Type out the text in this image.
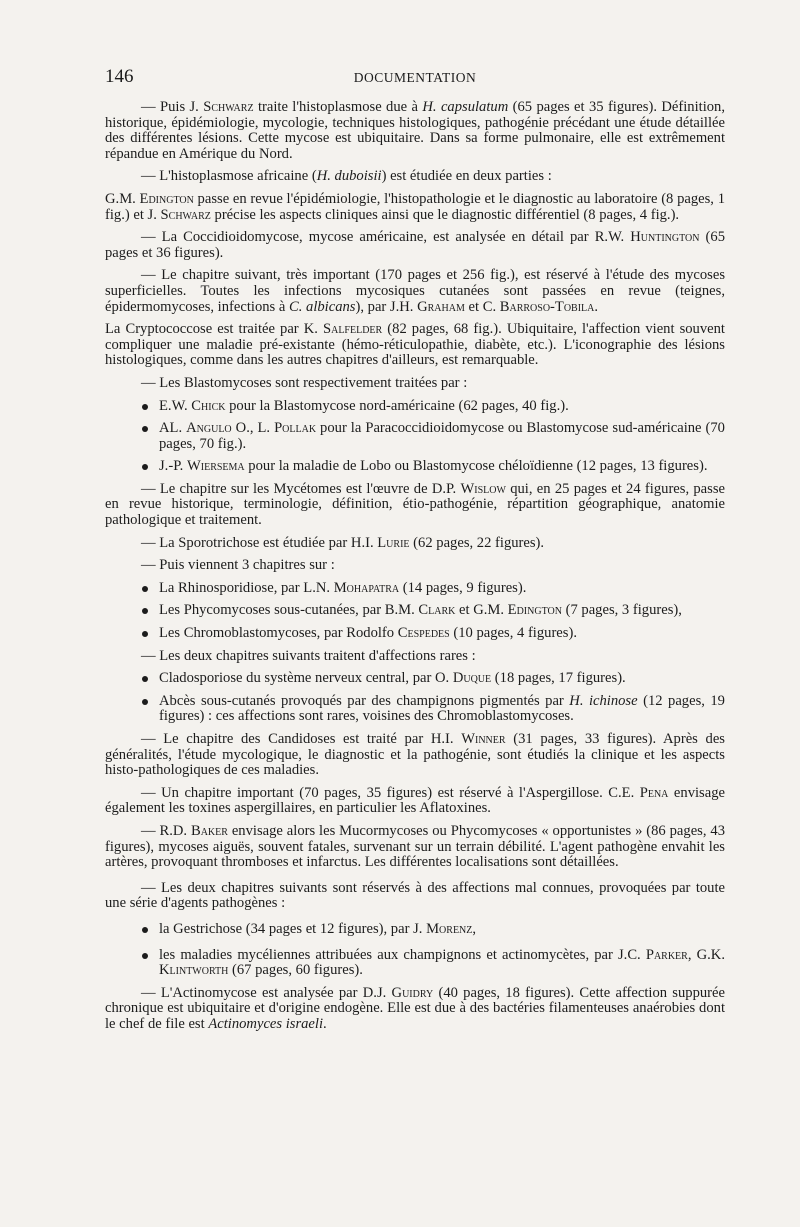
146	DOCUMENTATION

— Puis J. Schwarz traite l'histoplasmose due à H. capsulatum (65 pages et 35 figures). Définition, historique, épidémiologie, mycologie, techniques histologiques, pathogénie précédant une étude détaillée des différentes lésions. Cette mycose est ubiquitaire. Dans sa forme pulmonaire, elle est extrêmement répandue en Amérique du Nord.

— L'histoplasmose africaine (H. duboisii) est étudiée en deux parties :

G.M. Edington passe en revue l'épidémiologie, l'histopathologie et le diagnostic au laboratoire (8 pages, 1 fig.) et J. Schwarz précise les aspects cliniques ainsi que le diagnostic différentiel (8 pages, 4 fig.).

— La Coccidioidomycose, mycose américaine, est analysée en détail par R.W. Huntington (65 pages et 36 figures).

— Le chapitre suivant, très important (170 pages et 256 fig.), est réservé à l'étude des mycoses superficielles. Toutes les infections mycosiques cutanées sont passées en revue (teignes, épidermomycoses, infections à C. albicans), par J.H. Graham et C. Barroso-Tobila.

La Cryptococcose est traitée par K. Salfelder (82 pages, 68 fig.). Ubiquitaire, l'affection vient souvent compliquer une maladie pré-existante (hémo-réticulopathie, diabète, etc.). L'iconographie des lésions histologiques, comme dans les autres chapitres d'ailleurs, est remarquable.

— Les Blastomycoses sont respectivement traitées par :

E.W. Chick pour la Blastomycose nord-américaine (62 pages, 40 fig.).

AL. Angulo O., L. Pollak pour la Paracoccidioidomycose ou Blastomycose sud-américaine (70 pages, 70 fig.).

J.-P. Wiersema pour la maladie de Lobo ou Blastomycose chéloïdienne (12 pages, 13 figures).

— Le chapitre sur les Mycétomes est l'œuvre de D.P. Wislow qui, en 25 pages et 24 figures, passe en revue historique, terminologie, définition, étio-pathogénie, répartition géographique, anatomie pathologique et traitement.

— La Sporotrichose est étudiée par H.I. Lurie (62 pages, 22 figures).

— Puis viennent 3 chapitres sur :

La Rhinosporidiose, par L.N. Mohapatra (14 pages, 9 figures).

Les Phycomycoses sous-cutanées, par B.M. Clark et G.M. Edington (7 pages, 3 figures),

Les Chromoblastomycoses, par Rodolfo Cespedes (10 pages, 4 figures).

— Les deux chapitres suivants traitent d'affections rares :

Cladosporiose du système nerveux central, par O. Duque (18 pages, 17 figures).

Abcès sous-cutanés provoqués par des champignons pigmentés par H. ichinose (12 pages, 19 figures) : ces affections sont rares, voisines des Chromoblastomycoses.

— Le chapitre des Candidoses est traité par H.I. Winner (31 pages, 33 figures). Après des généralités, l'étude mycologique, le diagnostic et la pathogénie, sont étudiés la clinique et les aspects histo-pathologiques de ces maladies.

— Un chapitre important (70 pages, 35 figures) est réservé à l'Aspergillose. C.E. Pena envisage également les toxines aspergillaires, en particulier les Aflatoxines.

— R.D. Baker envisage alors les Mucormycoses ou Phycomycoses « opportunistes » (86 pages, 43 figures), mycoses aiguës, souvent fatales, survenant sur un terrain débilité. L'agent pathogène envahit les artères, provoquant thromboses et infarctus. Les différentes localisations sont détaillées.

— Les deux chapitres suivants sont réservés à des affections mal connues, provoquées par toute une série d'agents pathogènes :

la Gestrichose (34 pages et 12 figures), par J. Morenz,

les maladies mycéliennes attribuées aux champignons et actinomycètes, par J.C. Parker, G.K. Klintworth (67 pages, 60 figures).

— L'Actinomycose est analysée par D.J. Guidry (40 pages, 18 figures). Cette affection suppurée chronique est ubiquitaire et d'origine endogène. Elle est due à des bactéries filamenteuses anaérobies dont le chef de file est Actinomyces israeli.
